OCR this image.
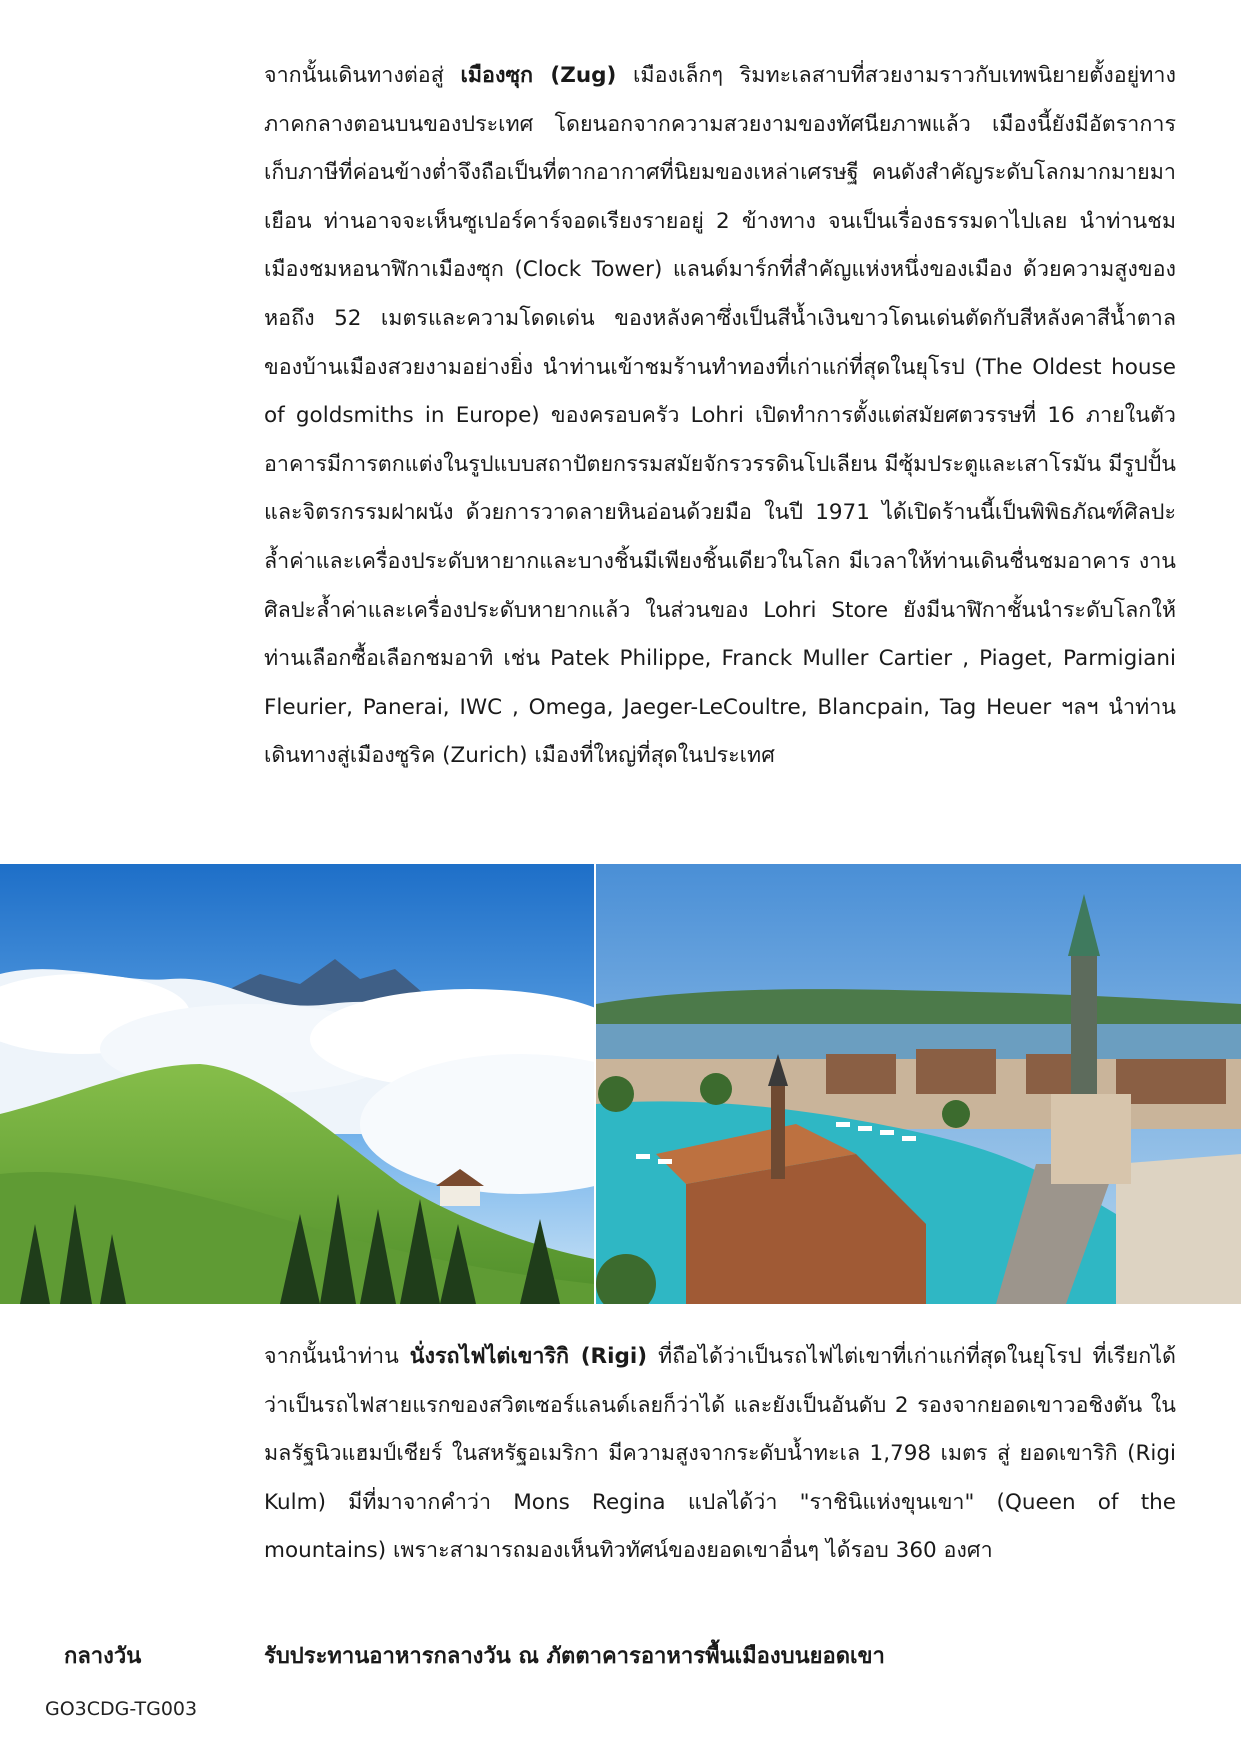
จากนั้นเดินทางต่อสู่ เมืองซุก (Zug) เมืองเล็กๆ ริมทะเลสาบที่สวยงามราวกับเทพนิยายตั้งอยู่ทางภาคกลางตอนบนของประเทศ โดยนอกจากความสวยงามของทัศนียภาพแล้ว เมืองนี้ยังมีอัตราการเก็บภาษีที่ค่อนข้างต่ำจึงถือเป็นที่ตากอากาศที่นิยมของเหล่าเศรษฐี คนดังสำคัญระดับโลกมากมายมาเยือน ท่านอาจจะเห็นซูเปอร์คาร์จอดเรียงรายอยู่ 2 ข้างทาง จนเป็นเรื่องธรรมดาไปเลย นำท่านชมเมืองชมหอนาฬิกาเมืองซุก (Clock Tower) แลนด์มาร์กที่สำคัญแห่งหนึ่งของเมือง ด้วยความสูงของหอถึง 52 เมตรและความโดดเด่น ของหลังคาซึ่งเป็นสีน้ำเงินขาวโดนเด่นตัดกับสีหลังคาสีน้ำตาลของบ้านเมืองสวยงามอย่างยิ่ง นำท่านเข้าชมร้านทำทองที่เก่าแก่ที่สุดในยุโรป (The Oldest house of goldsmiths in Europe) ของครอบครัว Lohri เปิดทำการตั้งแต่สมัยศตวรรษที่ 16 ภายในตัวอาคารมีการตกแต่งในรูปแบบสถาปัตยกรรมสมัยจักรวรรดินโปเลียน มีซุ้มประตูและเสาโรมัน มีรูปปั้นและจิตรกรรมฝาผนัง ด้วยการวาดลายหินอ่อนด้วยมือ ในปี 1971 ได้เปิดร้านนี้เป็นพิพิธภัณฑ์ศิลปะล้ำค่าและเครื่องประดับหายากและบางชิ้นมีเพียงชิ้นเดียวในโลก มีเวลาให้ท่านเดินชื่นชมอาคาร งานศิลปะล้ำค่าและเครื่องประดับหายากแล้ว ในส่วนของ Lohri Store ยังมีนาฬิกาชั้นนำระดับโลกให้ท่านเลือกซื้อเลือกชมอาทิ เช่น Patek Philippe, Franck Muller Cartier , Piaget, Parmigiani Fleurier, Panerai, IWC , Omega, Jaeger-LeCoultre, Blancpain, Tag Heuer ฯลฯ นำท่านเดินทางสู่เมืองซูริค (Zurich) เมืองที่ใหญ่ที่สุดในประเทศ

จากนั้นนำท่าน นั่งรถไฟไต่เขาริกิ (Rigi) ที่ถือได้ว่าเป็นรถไฟไต่เขาที่เก่าแก่ที่สุดในยุโรป ที่เรียกได้ว่าเป็นรถไฟสายแรกของสวิตเซอร์แลนด์เลยก็ว่าได้ และยังเป็นอันดับ 2 รองจากยอดเขาวอชิงตัน ในมลรัฐนิวแฮมป์เชียร์ ในสหรัฐอเมริกา มีความสูงจากระดับน้ำทะเล 1,798 เมตร สู่ ยอดเขาริกิ (Rigi Kulm) มีที่มาจากคำว่า Mons Regina แปลได้ว่า "ราชินิแห่งขุนเขา" (Queen of the mountains) เพราะสามารถมองเห็นทิวทัศน์ของยอดเขาอื่นๆ ได้รอบ 360 องศา

กลางวัน	รับประทานอาหารกลางวัน ณ ภัตตาคารอาหารพื้นเมืองบนยอดเขา

GO3CDG-TG003
